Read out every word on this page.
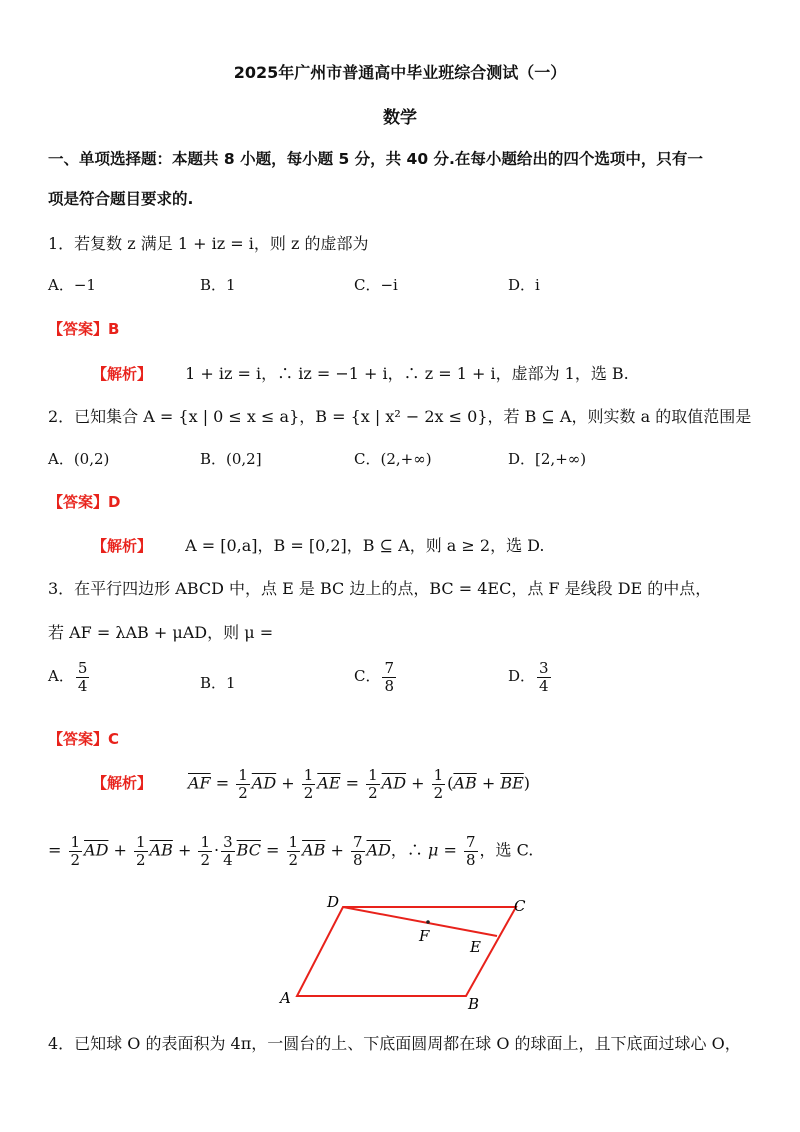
2025年广州市普通高中毕业班综合测试（一）
数学
一、单项选择题：本题共 8 小题，每小题 5 分，共 40 分.在每小题给出的四个选项中，只有一
项是符合题目要求的.
1．若复数 z 满足 1 + iz = i，则 z 的虚部为
A．−1	B．1	C．−i	D．i
【答案】B
【解析】 1 + iz = i，∴ iz = −1 + i，∴ z = 1 + i，虚部为 1，选 B.
2．已知集合 A = {x | 0 ≤ x ≤ a}，B = {x | x² − 2x ≤ 0}，若 B ⊆ A，则实数 a 的取值范围是
A．(0,2)	B．(0,2]	C．(2,+∞)	D．[2,+∞)
【答案】D
【解析】 A = [0,a]，B = [0,2]，B ⊆ A，则 a ≥ 2，选 D.
3．在平行四边形 ABCD 中，点 E 是 BC 边上的点，BC = 4EC，点 F 是线段 DE 的中点，
若 AF = λAB + μAD，则 μ =
A． $\frac{5}{4}$	B．1	C． $\frac{7}{8}$	D． $\frac{3}{4}$
【答案】C
【解析】 $\overline{AF} = \frac{1}{2} \overline{AD} + \frac{1}{2} \overline{AE} = \frac{1}{2} \overline{AD} + \frac{1}{2} (\overline{AB} + \overline{BE})$
= $\frac{1}{2} \overline{AD} + \frac{1}{2} \overline{AB} + \frac{1}{2} \cdot \frac{3}{4} \overline{BC} = \frac{1}{2} \overline{AB} + \frac{7}{8} \overline{AD}$，∴ $\mu = \frac{7}{8}$ ，选 C.
A	B
C
D
E
F
4．已知球 O 的表面积为 4π，一圆台的上、下底面圆周都在球 O 的球面上，且下底面过球心 O，
